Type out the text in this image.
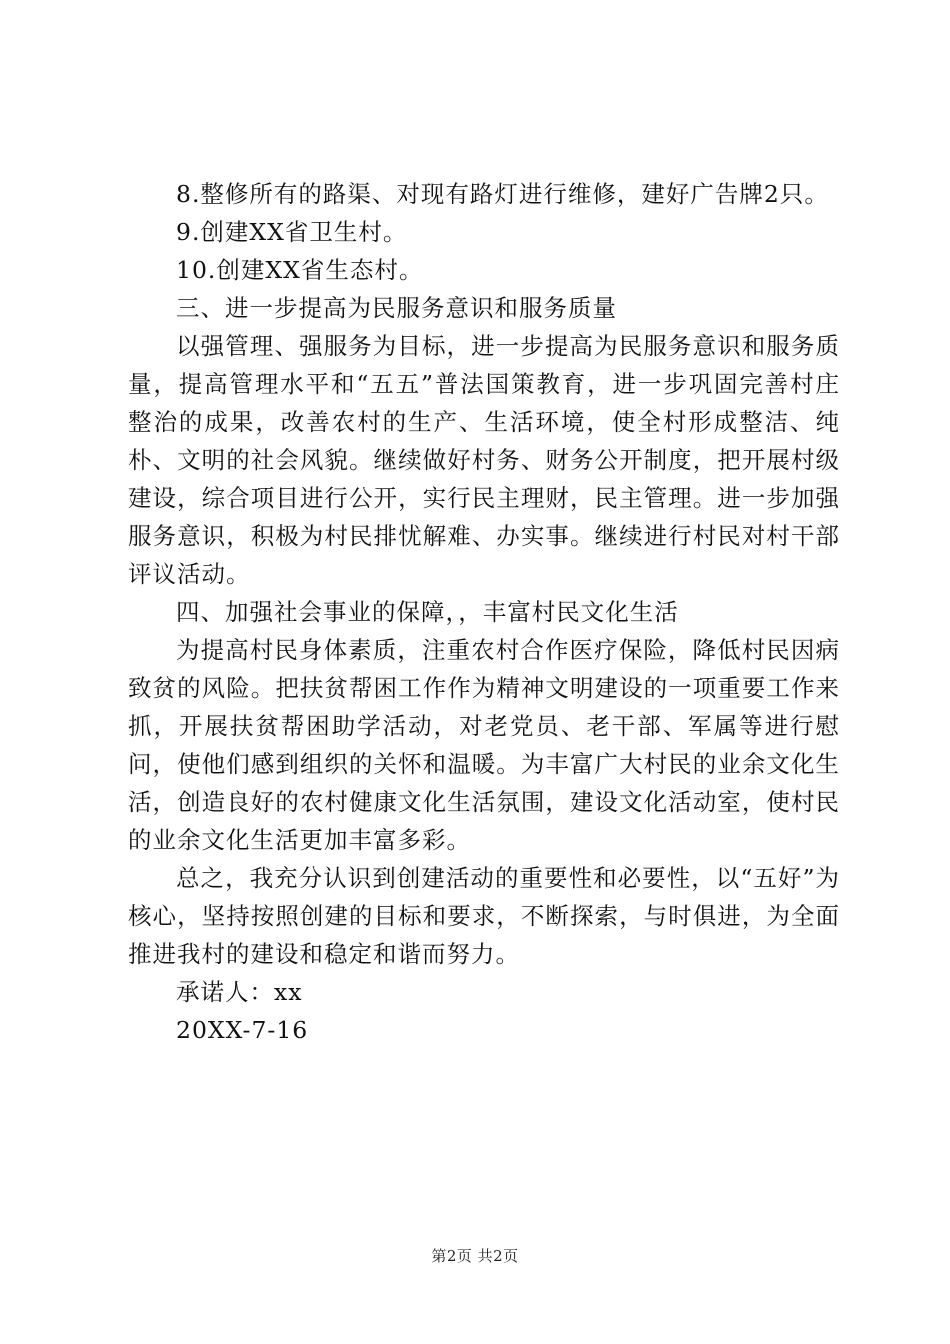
8.整修所有的路渠、对现有路灯进行维修，建好广告牌2只。

9.创建XX省卫生村。

10.创建XX省生态村。

三、进一步提高为民服务意识和服务质量

以强管理、强服务为目标，进一步提高为民服务意识和服务质量，提高管理水平和“五五”普法国策教育，进一步巩固完善村庄整治的成果，改善农村的生产、生活环境，使全村形成整洁、纯朴、文明的社会风貌。继续做好村务、财务公开制度，把开展村级建设，综合项目进行公开，实行民主理财，民主管理。进一步加强服务意识，积极为村民排忧解难、办实事。继续进行村民对村干部评议活动。

四、加强社会事业的保障，，丰富村民文化生活

为提高村民身体素质，注重农村合作医疗保险，降低村民因病致贫的风险。把扶贫帮困工作作为精神文明建设的一项重要工作来抓，开展扶贫帮困助学活动，对老党员、老干部、军属等进行慰问，使他们感到组织的关怀和温暖。为丰富广大村民的业余文化生活，创造良好的农村健康文化生活氛围，建设文化活动室，使村民的业余文化生活更加丰富多彩。

总之，我充分认识到创建活动的重要性和必要性，以“五好”为核心，坚持按照创建的目标和要求，不断探索，与时俱进，为全面推进我村的建设和稳定和谐而努力。

承诺人：xx

20XX-7-16

第2页 共2页
